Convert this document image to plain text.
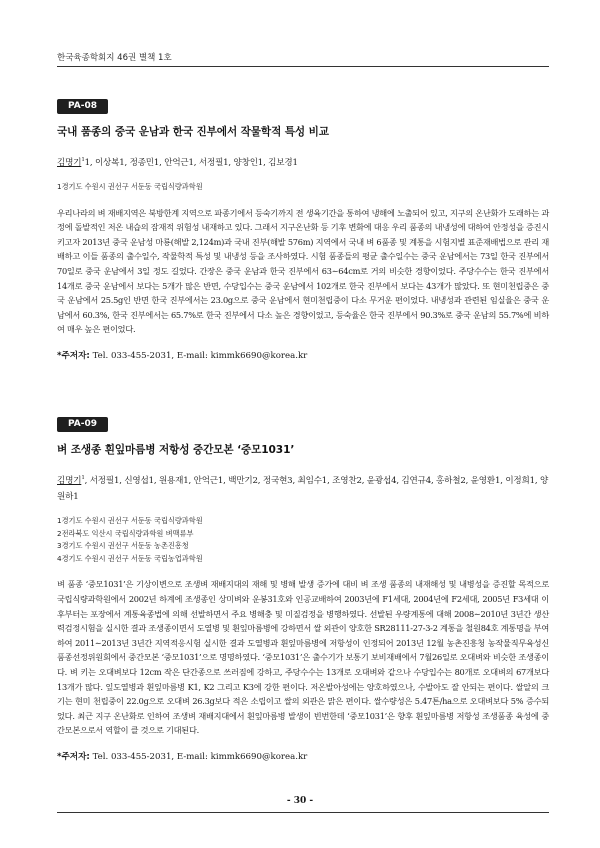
한국육종학회지 46권 별책 1호
PA-08
국내 품종의 중국 운남과 한국 진부에서 작물학적 특성 비교
김명기$^1$1, 이상복1, 정종민1, 안억근1, 서정필1, 양창인1, 김보경1
1경기도 수원시 권선구 서둔동 국립식량과학원
우리나라의 벼 재배지역은 북방한계 지역으로 파종기에서 등숙기까지 전 생육기간을 통하여 냉해에 노출되어 있고, 지구의 온난화가 도래하는 과정에 돌발적인 저온 내습의 잠재적 위험성 내재하고 있다. 그래서 지구온난화 등 기후 변화에 대응 우리 품종의 내냉성에 대하여 안정성을 증진시키고자 2013년 중국 운남성 마룡(해발 2,124m)과 국내 진부(해발 576m) 지역에서 국내 벼 6품종 및 계통을 시험지별 표준재배법으로 관리 재배하고 이들 품종의 출수일수, 작물학적 특성 및 내냉성 등을 조사하였다. 시험 품종들의 평균 출수일수는 중국 운남에서는 73일 한국 진부에서 70일로 중국 운남에서 3일 정도 길었다. 간장은 중국 운남과 한국 진부에서 63∼64cm로 거의 비슷한 경향이었다. 주당수수는 한국 진부에서 14개로 중국 운남에서 보다는 5개가 많은 반면, 수당입수는 중국 운남에서 102개로 한국 진부에서 보다는 43개가 많았다. 또 현미천립중은 중국 운남에서 25.5g인 반면 한국 진부에서는 23.0g으로 중국 운남에서 현미천립중이 다소 무거운 편이었다. 내냉성과 관련된 임실율은 중국 운남에서 60.3%, 한국 진부에서는 65.7%로 한국 진부에서 다소 높은 경향이었고, 등숙율은 한국 진부에서 90.3%로 중국 운남의 55.7%에 비하여 매우 높은 편이었다.
*주저자: Tel. 033-455-2031, E-mail: kimmk6690@korea.kr
PA-09
벼 조생종 흰잎마름병 저항성 중간모본 ‘중모1031’
김명기$^1$, 서정필1, 신영섭1, 원용재1, 안억근1, 백만기2, 정국현3, 최임수1, 조영찬2, 윤광섭4, 김연규4, 홍하철2, 윤영환1, 이정희1, 양원하1
1경기도 수원시 권선구 서둔동 국립식량과학원
2전라북도 익산시 국립식량과학원 벼맥류부
3경기도 수원시 권선구 서둔동 농촌진흥청
4경기도 수원시 권선구 서둔동 국립농업과학원
벼 품종 ‘중모1031’은 기상이변으로 조생벼 재배지대의 재해 및 병해 발생 증가에 대비 벼 조생 품종의 내재해성 및 내병성을 증진할 목적으로 국립식량과학원에서 2002년 하계에 조생종인 상미벼와 운봉31호와 인공교배하여 2003년에 F1세대, 2004년에 F2세대, 2005년 F3세대 이후부터는 포장에서 계통육종법에 의해 선발하면서 주요 병해충 및 미질검정을 병행하였다. 선발된 우량계통에 대해 2008∼2010년 3년간 생산력검정시험을 실시한 결과 조생종이면서 도열병 및 흰잎마름병에 강하면서 쌀 외관이 양호한 SR28111-27-3-2 계통을 철원84호 계통명을 부여하여 2011∼2013년 3년간 지역적응시험 실시한 결과 도열병과 흰잎마름병에 저항성이 인정되어 2013년 12월 농촌진흥청 농작물직무육성신품종선정위원회에서 중간모본 ‘중모1031’으로 명명하였다. ‘중모1031’은 출수기가 보통기 보비재배에서 7월26일로 오대벼와 비슷한 조생종이다. 벼 키는 오대벼보다 12cm 작은 단간종으로 쓰러짐에 강하고, 주당수수는 13개로 오대벼와 같으나 수당입수는 80개로 오대벼의 67개보다 13개가 많다. 잎도열병과 흰잎마름병 K1, K2 그리고 K3에 강한 편이다. 저온발아성에는 양호하였으나, 수발아도 잘 안되는 편이다. 쌀알의 크기는 현미 천립중이 22.0g으로 오대벼 26.3g보다 적은 소립이고 쌀의 외관은 맑은 편이다. 쌀수량성은 5.47톤/ha으로 오대벼보다 5% 증수되었다. 최근 지구 온난화로 인하여 조생벼 재배지대에서 흰잎마름병 발생이 빈번한데 ‘중모1031’은 향후 흰잎마름병 저항성 조생품종 육성에 중간모본으로서 역할이 클 것으로 기대된다.
*주저자: Tel. 033-455-2031, E-mail: kimmk6690@korea.kr
- 30 -
